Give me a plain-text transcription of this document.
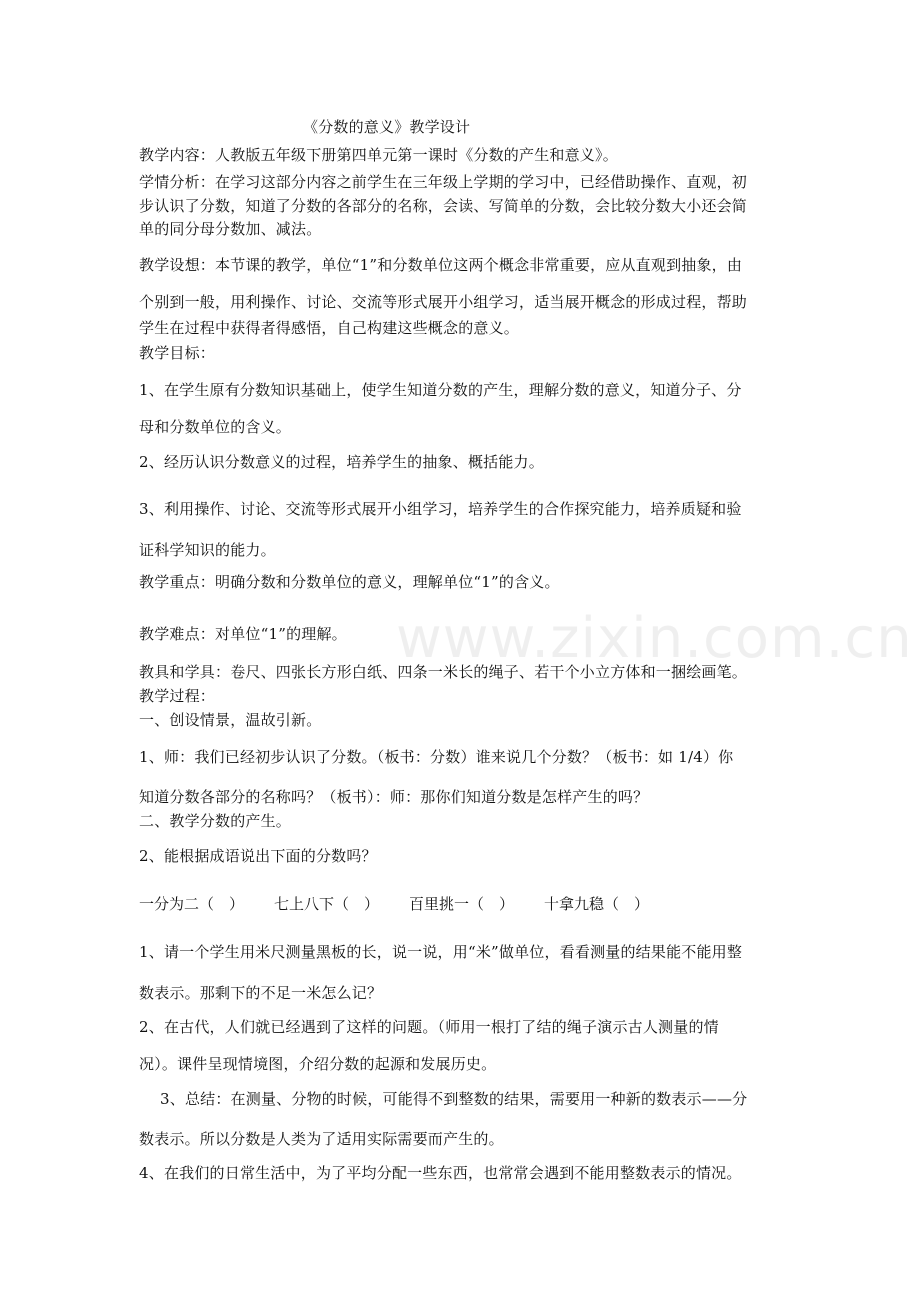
《分数的意义》教学设计
教学内容：人教版五年级下册第四单元第一课时《分数的产生和意义》。
学情分析：在学习这部分内容之前学生在三年级上学期的学习中，已经借助操作、直观，初
步认识了分数，知道了分数的各部分的名称，会读、写简单的分数，会比较分数大小还会简
单的同分母分数加、减法。
教学设想：本节课的教学，单位“1”和分数单位这两个概念非常重要，应从直观到抽象，由
个别到一般，用利操作、讨论、交流等形式展开小组学习，适当展开概念的形成过程，帮助
学生在过程中获得者得感悟，自己构建这些概念的意义。
教学目标：
1、在学生原有分数知识基础上，使学生知道分数的产生，理解分数的意义，知道分子、分
母和分数单位的含义。
2、经历认识分数意义的过程，培养学生的抽象、概括能力。
3、利用操作、讨论、交流等形式展开小组学习，培养学生的合作探究能力，培养质疑和验
证科学知识的能力。
教学重点：明确分数和分数单位的意义，理解单位“1”的含义。
教学难点：对单位“1”的理解。
教具和学具：卷尺、四张长方形白纸、四条一米长的绳子、若干个小立方体和一捆绘画笔。
教学过程：
一、创设情景，温故引新。
1、师：我们已经初步认识了分数。（板书：分数）谁来说几个分数？（板书：如 1/4）你
知道分数各部分的名称吗？（板书）：师：那你们知道分数是怎样产生的吗？
二、教学分数的产生。
2、能根据成语说出下面的分数吗？
一分为二（　） 七上八下（　） 百里挑一（　） 十拿九稳（　）
1、请一个学生用米尺测量黑板的长，说一说，用“米”做单位，看看测量的结果能不能用整
数表示。那剩下的不足一米怎么记？
2、在古代，人们就已经遇到了这样的问题。（师用一根打了结的绳子演示古人测量的情
况）。课件呈现情境图，介绍分数的起源和发展历史。
3、总结：在测量、分物的时候，可能得不到整数的结果，需要用一种新的数表示——分
数表示。所以分数是人类为了适用实际需要而产生的。
4、在我们的日常生活中，为了平均分配一些东西，也常常会遇到不能用整数表示的情况。
www.zixin.com.cn
